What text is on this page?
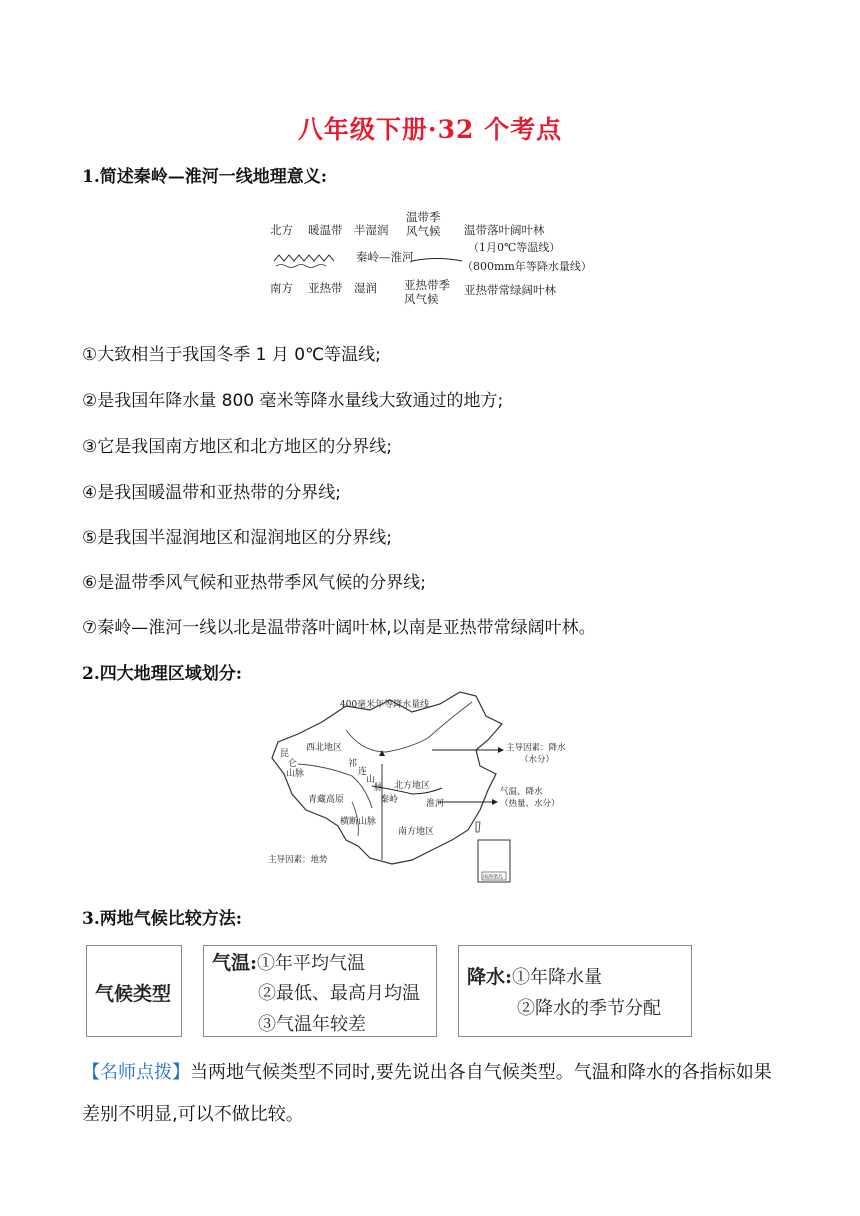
八年级下册·32 个考点
1.简述秦岭—淮河一线地理意义:
北方 暖温带 半湿润
温带季
风气候 温带落叶阔叶林
（1月0℃等温线）
秦岭—淮河
（800mm年等降水量线）
南方 亚热带 湿润 亚热带季
风气候
亚热带常绿阔叶林
①大致相当于我国冬季 1 月 0℃等温线;
②是我国年降水量 800 毫米等降水量线大致通过的地方;
③它是我国南方地区和北方地区的分界线;
④是我国暖温带和亚热带的分界线;
⑤是我国半湿润地区和湿润地区的分界线;
⑥是温带季风气候和亚热带季风气候的分界线;
⑦秦岭—淮河一线以北是温带落叶阔叶林,以南是亚热带常绿阔叶林。
2.四大地理区域划分:
南海诸岛
400毫米年等降水量线
西北地区
昆
仑
山脉
祁
连
山
脉
青藏高原
北方地区
秦岭	淮河
横断山脉
南方地区
主导因素：降水
（水分）
气温、降水
（热量、水分）
主导因素：地势
3.两地气候比较方法:
气候类型
气温:①年平均气温
②最低、最高月均温
③气温年较差
降水:①年降水量
②降水的季节分配
【名师点拨】当两地气候类型不同时,要先说出各自气候类型。气温和降水的各指标如果差别不明显,可以不做比较。
